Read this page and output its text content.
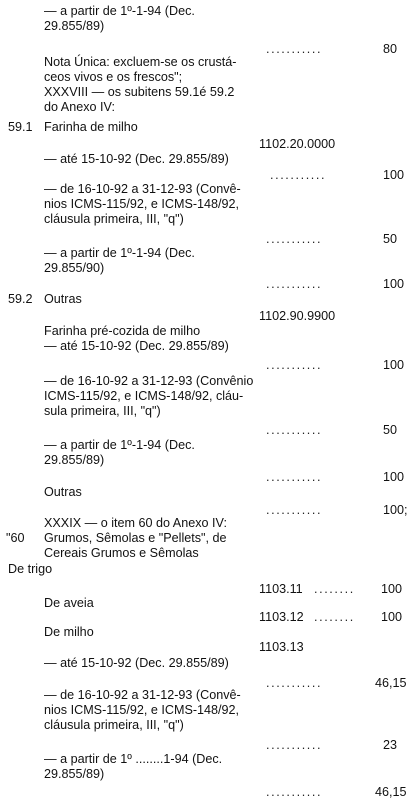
— a partir de 1º-1-94 (Dec.
29.855/89)
...........	80
Nota Única: excluem-se os crustá-
ceos vivos e os frescos";
XXXVIII — os subitens 59.1é 59.2
do Anexo IV:
59.1 Farinha de milho
1102.20.0000
— até 15-10-92 (Dec. 29.855/89)
...........	100
— de 16-10-92 a 31-12-93 (Convê-
nios ICMS-115/92, e ICMS-148/92,
cláusula primeira, III, "q")
...........	50
— a partir de 1º-1-94 (Dec.
29.855/90)
...........	100
59.2 Outras
1102.90.9900
Farinha pré-cozida de milho
— até 15-10-92 (Dec. 29.855/89)
...........	100
— de 16-10-92 a 31-12-93 (Convênio
ICMS-115/92, e ICMS-148/92, cláu-
sula primeira, III, "q")
...........	50
— a partir de 1º-1-94 (Dec.
29.855/89)
...........	100
Outras
...........	100;
XXXIX — o item 60 do Anexo IV:
"60 Grumos, Sêmolas e "Pellets", de
Cereais Grumos e Sêmolas
De trigo
1103.11 ........ 100
De aveia
1103.12 ........ 100
De milho
1103.13
— até 15-10-92 (Dec. 29.855/89)
...........	46,15
— de 16-10-92 a 31-12-93 (Convê-
nios ICMS-115/92, e ICMS-148/92,
cláusula primeira, III, "q")
...........	23
— a partir de 1º ........1-94 (Dec.
29.855/89)
...........	46,15
